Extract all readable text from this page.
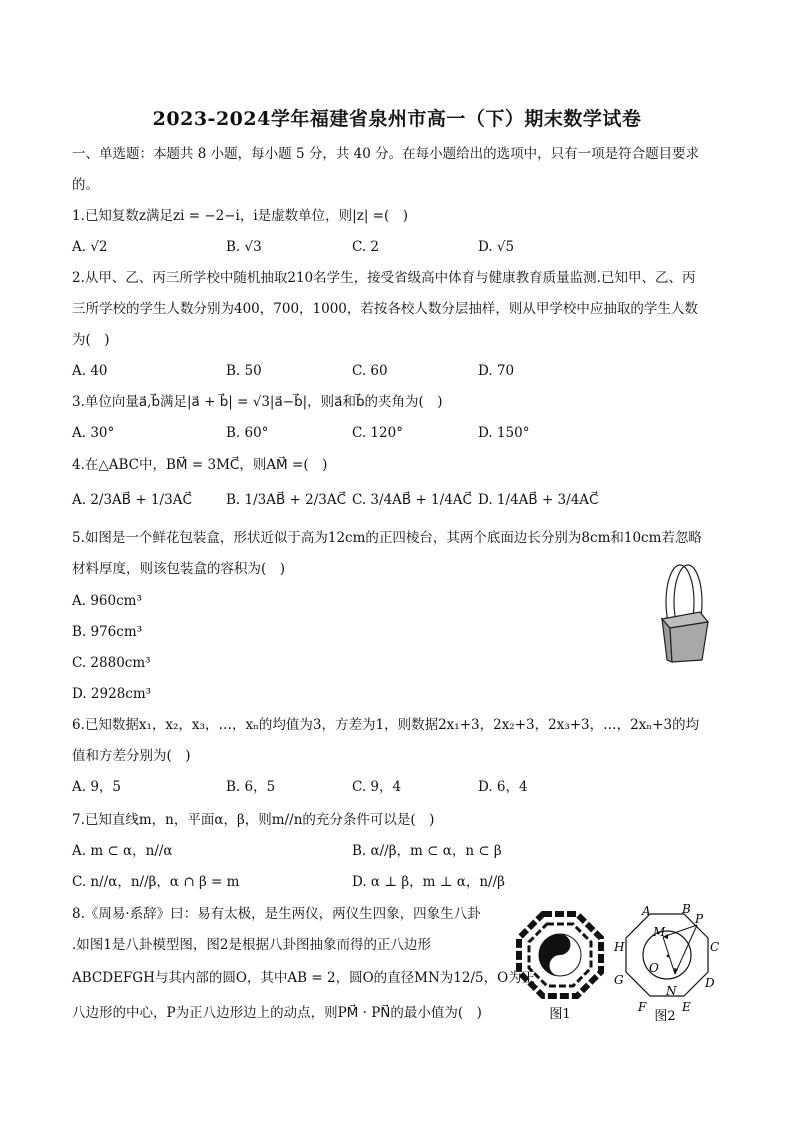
2023-2024学年福建省泉州市高一（下）期末数学试卷
一、单选题：本题共 8 小题，每小题 5 分，共 40 分。在每小题给出的选项中，只有一项是符合题目要求
的。
1.已知复数z满足zi = −2−i，i是虚数单位，则|z| =(　)
A. √2	B. √3	C. 2	D. √5
2.从甲、乙、丙三所学校中随机抽取210名学生，接受省级高中体育与健康教育质量监测.已知甲、乙、丙
三所学校的学生人数分别为400，700，1000，若按各校人数分层抽样，则从甲学校中应抽取的学生人数
为(　)
A. 40	B. 50	C. 60	D. 70
3.单位向量a⃗,b⃗满足|a⃗ + b⃗| = √3|a⃗−b⃗|，则a⃗和b⃗的夹角为(　)
A. 30°	B. 60°	C. 120°	D. 150°
4.在△ABC中，BM⃗ = 3MC⃗，则AM⃗ =(　)
A. 2/3AB⃗ + 1/3AC⃗	B. 1/3AB⃗ + 2/3AC⃗ C. 3/4AB⃗ + 1/4AC⃗ D. 1/4AB⃗ + 3/4AC⃗
5.如图是一个鲜花包装盒，形状近似于高为12cm的正四棱台，其两个底面边长分别为8cm和10cm若忽略
材料厚度，则该包装盒的容积为(　)
A. 960cm³
B. 976cm³
C. 2880cm³
D. 2928cm³
6.已知数据x₁，x₂，x₃，…，xₙ的均值为3，方差为1，则数据2x₁+3，2x₂+3，2x₃+3，…，2xₙ+3的均
值和方差分别为(　)
A. 9，5	B. 6，5	C. 9，4	D. 6，4
7.已知直线m，n，平面α，β，则m//n的充分条件可以是(　)
A. m ⊂ α，n//α	B. α//β，m ⊂ α，n ⊂ β
C. n//α，n//β，α ∩ β = m	D. α ⊥ β，m ⊥ α，n//β
8.《周易·系辞》曰：易有太极，是生两仪，两仪生四象，四象生八卦
.如图1是八卦模型图，图2是根据八卦图抽象而得的正八边形
ABCDEFGH与其内部的圆O，其中AB = 2，圆O的直径MN为12/5，O为正
八边形的中心，P为正八边形边上的动点，则PM⃗ · PN⃗的最小值为(　)	图1
A	B
P
C
D
E
F
G
H
M
N
O
图2
